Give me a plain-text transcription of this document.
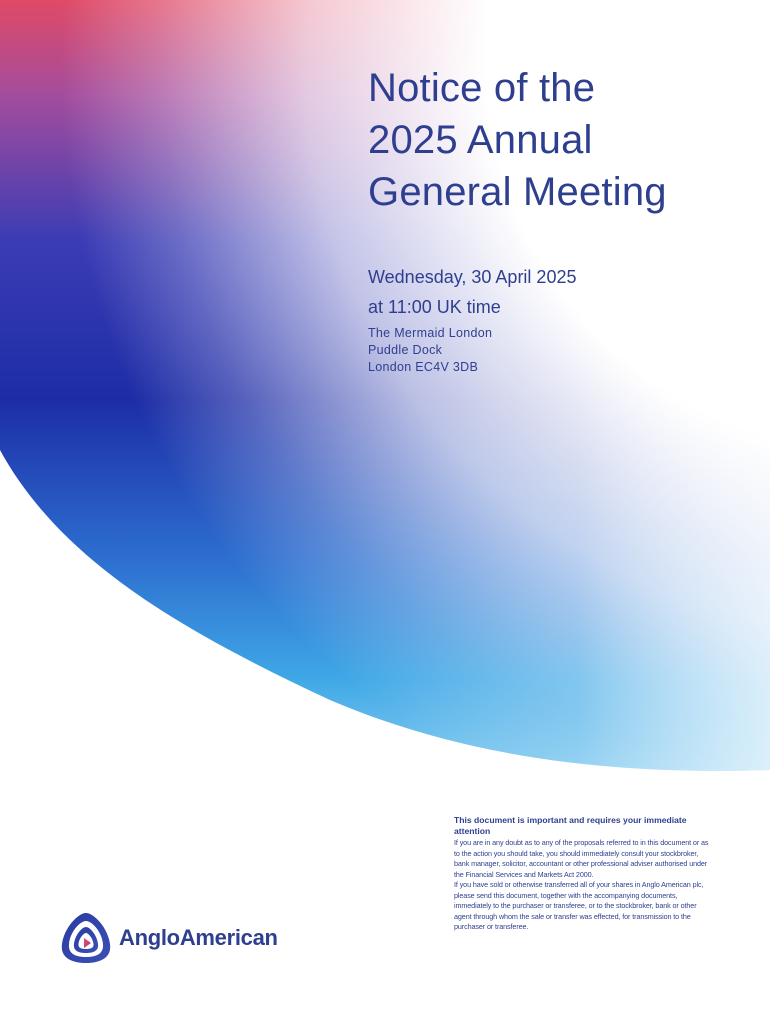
Notice of the
2025 Annual
General Meeting
Wednesday, 30 April 2025
at 11:00 UK time
The Mermaid London
Puddle Dock
London EC4V 3DB

This document is important and requires your immediate attention

If you are in any doubt as to any of the proposals referred to in this document or as to the action you should take, you should immediately consult your stockbroker, bank manager, solicitor, accountant or other professional adviser authorised under the Financial Services and Markets Act 2000.

If you have sold or otherwise transferred all of your shares in Anglo American plc, please send this document, together with the accompanying documents, immediately to the purchaser or transferee, or to the stockbroker, bank or other agent through whom the sale or transfer was effected, for transmission to the purchaser or transferee.

AngloAmerican
